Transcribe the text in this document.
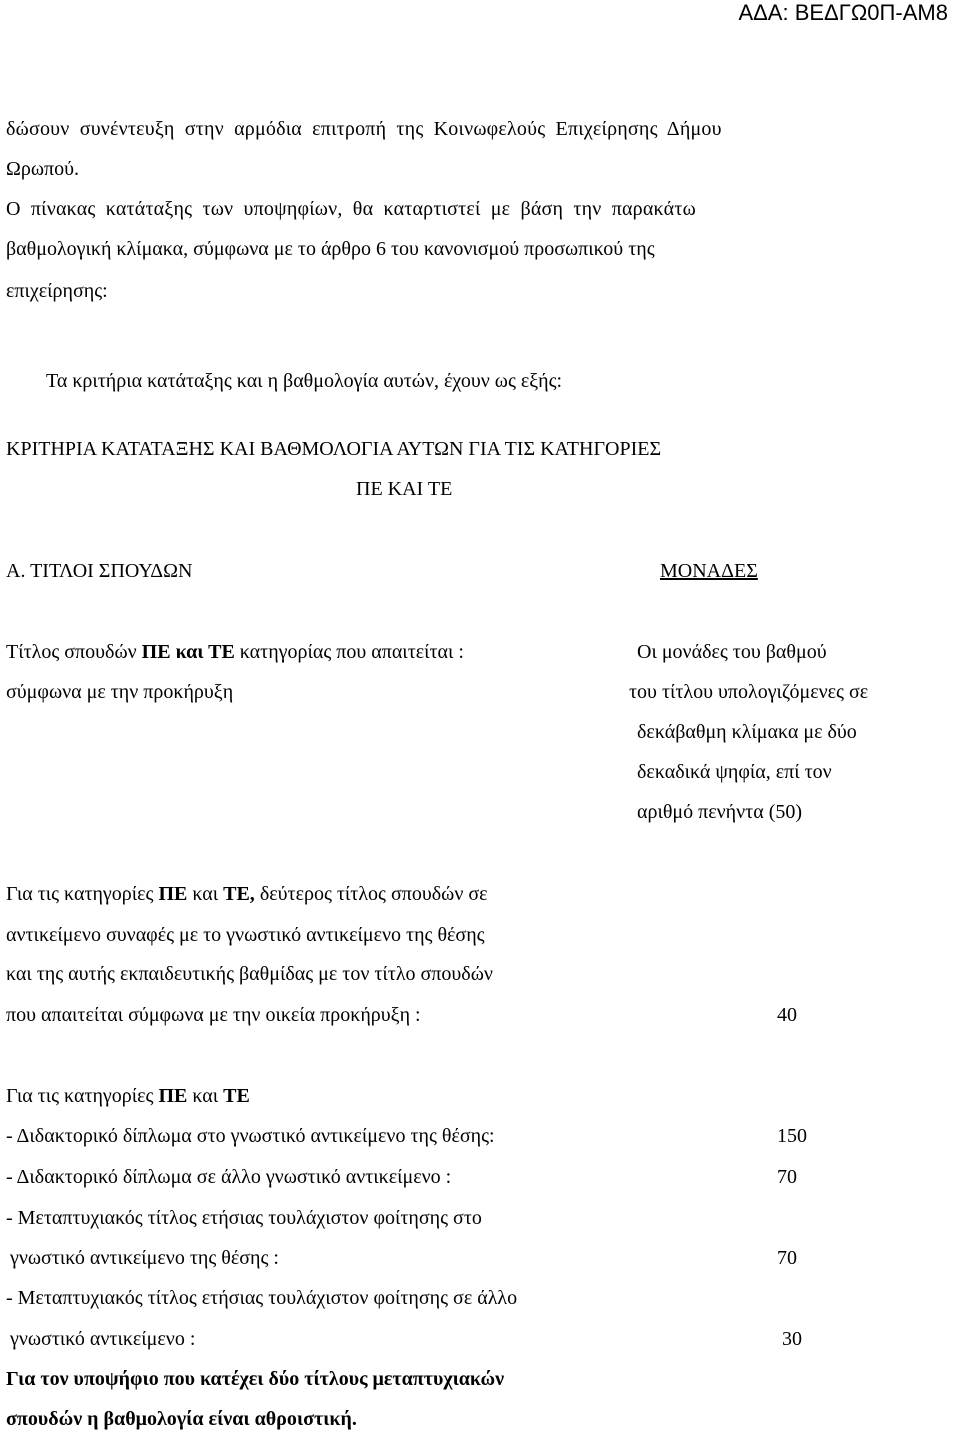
ΑΔΑ: ΒΕΔΓΩ0Π-ΑΜ8
δώσουν συνέντευξη στην αρμόδια επιτροπή της Κοινωφελούς Επιχείρησης Δήμου
Ωρωπού.
Ο πίνακας κατάταξης των υποψηφίων, θα καταρτιστεί με βάση την παρακάτω
βαθμολογική κλίμακα, σύμφωνα με το άρθρο 6 του κανονισμού προσωπικού της
επιχείρησης:
Τα κριτήρια κατάταξης και η βαθμολογία αυτών, έχουν ως εξής:
ΚΡΙΤΗΡΙΑ ΚΑΤΑΤΑΞΗΣ ΚΑΙ ΒΑΘΜΟΛΟΓΙΑ ΑΥΤΩΝ ΓΙΑ ΤΙΣ ΚΑΤΗΓΟΡΙΕΣ
ΠΕ ΚΑΙ ΤΕ
Α. ΤΙΤΛΟΙ ΣΠΟΥΔΩΝ	ΜΟΝΑΔΕΣ
Τίτλος σπουδών ΠΕ και ΤΕ κατηγορίας που απαιτείται :
σύμφωνα με την προκήρυξη
Οι μονάδες του βαθμού
του τίτλου υπολογιζόμενες σε
δεκάβαθμη κλίμακα με δύο
δεκαδικά ψηφία, επί τον
αριθμό πενήντα (50)
Για τις κατηγορίες ΠΕ και ΤΕ, δεύτερος τίτλος σπουδών σε
αντικείμενο συναφές με το γνωστικό αντικείμενο της θέσης
και της αυτής εκπαιδευτικής βαθμίδας με τον τίτλο σπουδών
που απαιτείται σύμφωνα με την οικεία προκήρυξη :	40
Για τις κατηγορίες ΠΕ και ΤΕ
- Διδακτορικό δίπλωμα στο γνωστικό αντικείμενο της θέσης:	150
- Διδακτορικό δίπλωμα σε άλλο γνωστικό αντικείμενο :	70
- Μεταπτυχιακός τίτλος ετήσιας τουλάχιστον φοίτησης στο
γνωστικό αντικείμενο της θέσης :	70
- Μεταπτυχιακός τίτλος ετήσιας τουλάχιστον φοίτησης σε άλλο
γνωστικό αντικείμενο :	30
Για τον υποψήφιο που κατέχει δύο τίτλους μεταπτυχιακών
σπουδών η βαθμολογία είναι αθροιστική.
